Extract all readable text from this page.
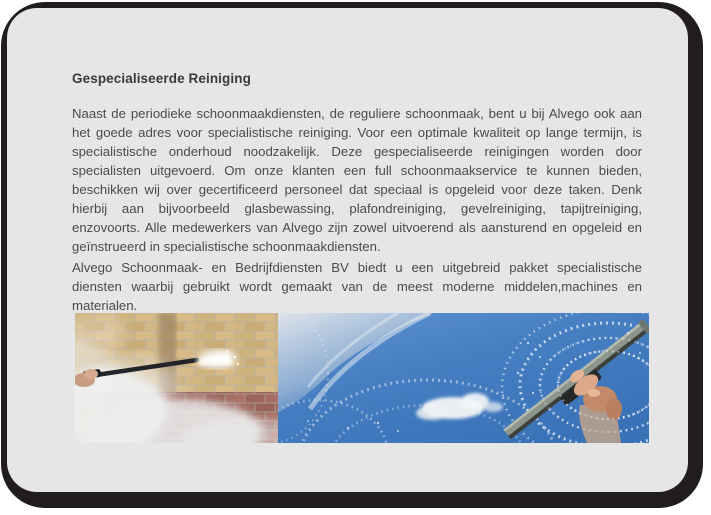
Gespecialiseerde Reiniging

Naast de periodieke schoonmaakdiensten, de reguliere schoonmaak, bent u bij Alvego ook aan het goede adres voor specialistische reiniging. Voor een optimale kwaliteit op lange termijn, is specialistische onderhoud noodzakelijk. Deze gespecialiseerde reinigingen worden door specialisten uitgevoerd. Om onze klanten een full schoonmaakservice te kunnen bieden, beschikken wij over gecertificeerd personeel dat speciaal is opgeleid voor deze taken. Denk hierbij aan bijvoorbeeld glasbewassing, plafondreiniging, gevelreiniging, tapijtreiniging, enzovoorts. Alle medewerkers van Alvego zijn zowel uitvoerend als aansturend en opgeleid en geïnstrueerd in specialistische schoonmaakdiensten.

Alvego Schoonmaak- en Bedrijfdiensten BV biedt u een uitgebreid pakket specialistische diensten waarbij gebruikt wordt gemaakt van de meest moderne middelen,machines en materialen.
